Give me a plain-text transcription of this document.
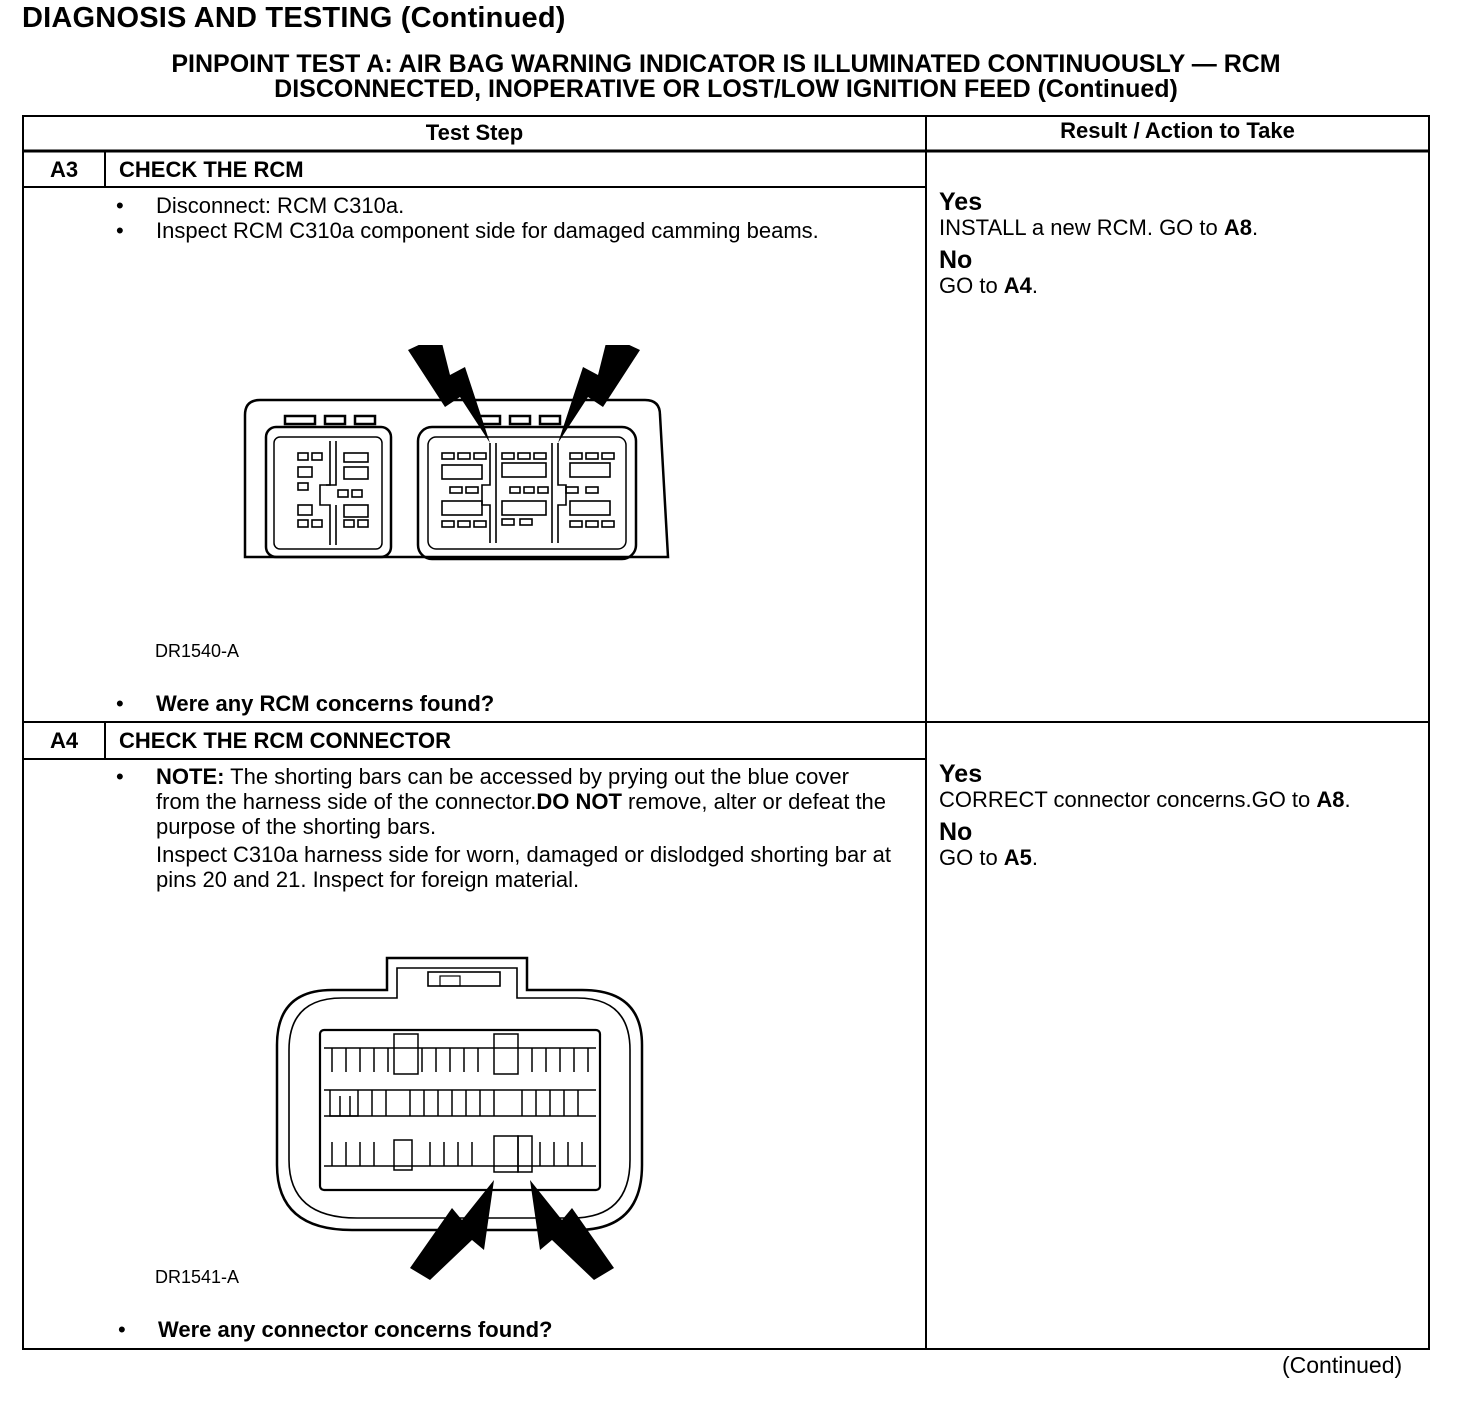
DIAGNOSIS AND TESTING (Continued)
PINPOINT TEST A: AIR BAG WARNING INDICATOR IS ILLUMINATED CONTINUOUSLY — RCM
DISCONNECTED, INOPERATIVE OR LOST/LOW IGNITION FEED (Continued)
Test Step	Result / Action to Take
A3	CHECK THE RCM
• Disconnect: RCM C310a.
• Inspect RCM C310a component side for damaged camming beams.
DR1540-A
• Were any RCM concerns found?
Yes
INSTALL a new RCM. GO to A8.
No
GO to A4.
A4	CHECK THE RCM CONNECTOR
• NOTE: The shorting bars can be accessed by prying out the blue cover from the harness side of the connector.DO NOT remove, alter or defeat the purpose of the shorting bars.

Inspect C310a harness side for worn, damaged or dislodged shorting bar at pins 20 and 21. Inspect for foreign material.

DR1541-A
• Were any connector concerns found?
Yes
CORRECT connector concerns.GO to A8.
No
GO to A5.
(Continued)
